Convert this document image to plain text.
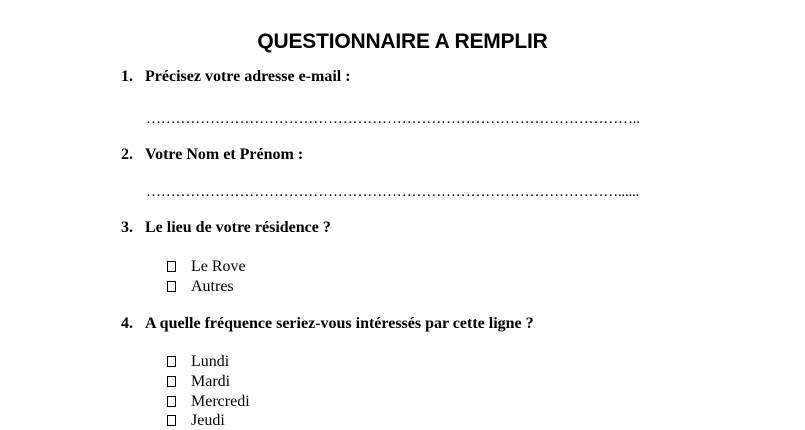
QUESTIONNAIRE A REMPLIR
1. Précisez votre adresse e-mail :
………………………………………………………………………………………..
2. Votre Nom et Prénom :
……………………………………………………………………………………......
3. Le lieu de votre résidence ?
Le Rove
Autres
4. A quelle fréquence seriez-vous intéressés par cette ligne ?
Lundi
Mardi
Mercredi
Jeudi
